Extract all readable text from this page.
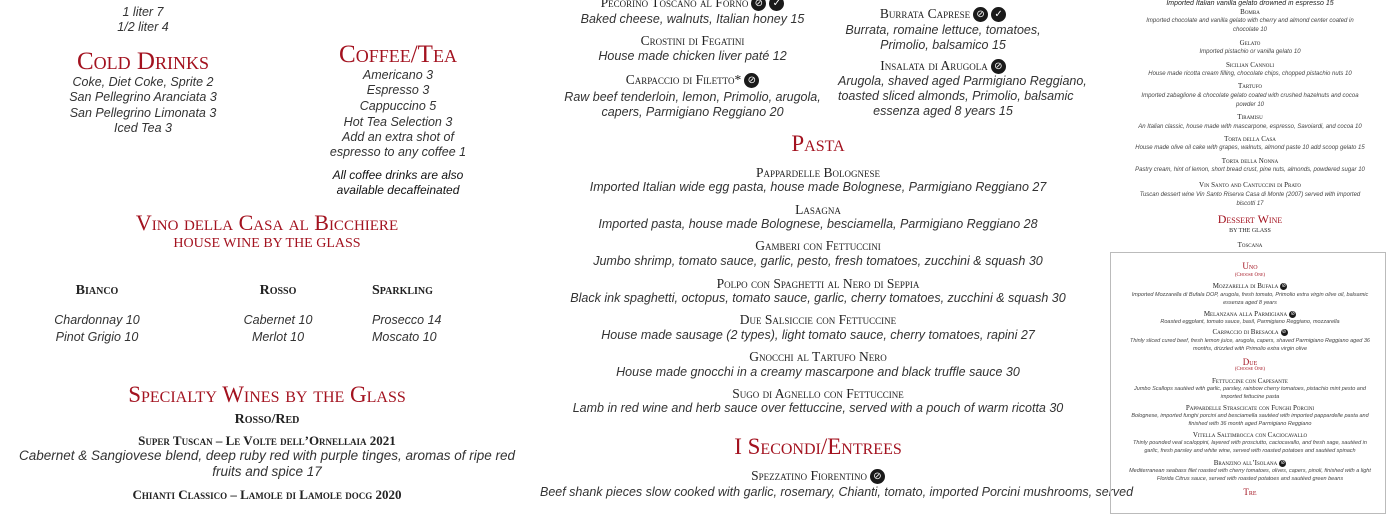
1 liter 7
1/2 liter 4
Cold Drinks
Coke, Diet Coke, Sprite 2
San Pellegrino Aranciata 3
San Pellegrino Limonata 3
Iced Tea 3
Coffee/Tea
Americano 3
Espresso 3
Cappuccino 5
Hot Tea Selection 3
Add an extra shot of
espresso to any coffee 1
All coffee drinks are also
available decaffeinated
Vino della Casa al Bicchiere
HOUSE WINE BY THE GLASS
Bianco
Chardonnay 10
Pinot Grigio 10
Rosso
Cabernet 10
Merlot 10
Sparkling
Prosecco 14
Moscato 10
Specialty Wines by the Glass
Rosso/Red
Super Tuscan – Le Volte dell’Ornellaia 2021
Cabernet & Sangiovese blend, deep ruby red with purple tinges, aromas of ripe red
fruits and spice 17
Chianti Classico – Lamole di Lamole docg 2020
Pecorino Toscano al Forno ⊘ ✓
Baked cheese, walnuts, Italian honey 15
Crostini di Fegatini
House made chicken liver paté 12
Carpaccio di Filetto* ⊘
Raw beef tenderloin, lemon, Primolio, arugola,
capers, Parmigiano Reggiano 20
Burrata Caprese ⊘ ✓
Burrata, romaine lettuce, tomatoes,
Primolio, balsamico 15
Insalata di Arugola ⊘
Arugola, shaved aged Parmigiano Reggiano,
toasted sliced almonds, Primolio, balsamic
essenza aged 8 years 15
Pasta
Pappardelle Bolognese
Imported Italian wide egg pasta, house made Bolognese, Parmigiano Reggiano 27
Lasagna
Imported pasta, house made Bolognese, besciamella, Parmigiano Reggiano 28
Gamberi con Fettuccini
Jumbo shrimp, tomato sauce, garlic, pesto, fresh tomatoes, zucchini & squash 30
Polpo con Spaghetti al Nero di Seppia
Black ink spaghetti, octopus, tomato sauce, garlic, cherry tomatoes, zucchini & squash 30
Due Salsiccie con Fettuccine
House made sausage (2 types), light tomato sauce, cherry tomatoes, rapini 27
Gnocchi al Tartufo Nero
House made gnocchi in a creamy mascarpone and black truffle sauce 30
Sugo di Agnello con Fettuccine
Lamb in red wine and herb sauce over fettuccine, served with a pouch of warm ricotta 30
I Secondi/Entrees
Spezzatino Fiorentino ⊘
Beef shank pieces slow cooked with garlic, rosemary, Chianti, tomato, imported Porcini mushrooms, served
Imported Italian vanilla gelato drowned in espresso 15
Bomba
Imported chocolate and vanilla gelato with cherry and almond center coated in
chocolate 10
Gelato
Imported pistachio or vanilla gelato 10
Sicilian Cannoli
House made ricotta cream filling, chocolate chips, chopped pistachio nuts 10
Tartufo
Imported zabaglione & chocolate gelato coated with crushed hazelnuts and cocoa
powder 10
Tiramisu
An Italian classic, house made with mascarpone, espresso, Savoiardi, and cocoa 10
Torta della Casa
House made olive oil cake with grapes, walnuts, almond paste 10 add scoop gelato 15
Torta della Nonna
Pastry cream, hint of lemon, short bread crust, pine nuts, almonds, powdered sugar 10
Vin Santo and Cantuccini di Prato
Tuscan dessert wine Vin Santo Riserva Casa di Monte (2007) served with imported
biscotti 17
Dessert Wine
BY THE GLASS
Toscana
Uno
(Choose One)
Mozzarella di Bufala ⊘
Imported Mozzarella di Bufala DOP, arugola, fresh tomato, Primolio extra virgin olive oil, balsamic
essenza aged 8 years
Melanzana alla Parmigiana ⊘
Roasted eggplant, tomato sauce, basil, Parmigiano Reggiano, mozzarella
Carpaccio di Bresaola ⊘
Thinly sliced cured beef, fresh lemon juice, arugola, capers, shaved Parmigiano Reggiano aged 36
months, drizzled with Primolio extra virgin olive
Due
(Choose One)
Fettuccine con Capesante
Jumbo Scallops sautéed with garlic, parsley, rainbow cherry tomatoes, pistachio mint pesto and
imported fettucine pasta
Pappardelle Strascicate con Funghi Porcini
Bolognese, imported funghi porcini and besciamella sautéed with imported pappardelle pasta and
finished with 36 month aged Parmigiano Reggiano
Vitella Saltimbocca con Caciocavallo
Thinly pounded veal scaloppini, layered with prosciutto, caciocavallo, and fresh sage, sautéed in
garlic, fresh parsley and white wine, served with roasted potatoes and sautéed spinach
Branzino all’Isolana ⊘
Mediterranean seabass filet roasted with cherry tomatoes, olives, capers, pinoli, finished with a light
Florida Citrus sauce, served with roasted potatoes and sautéed green beans
Tre
